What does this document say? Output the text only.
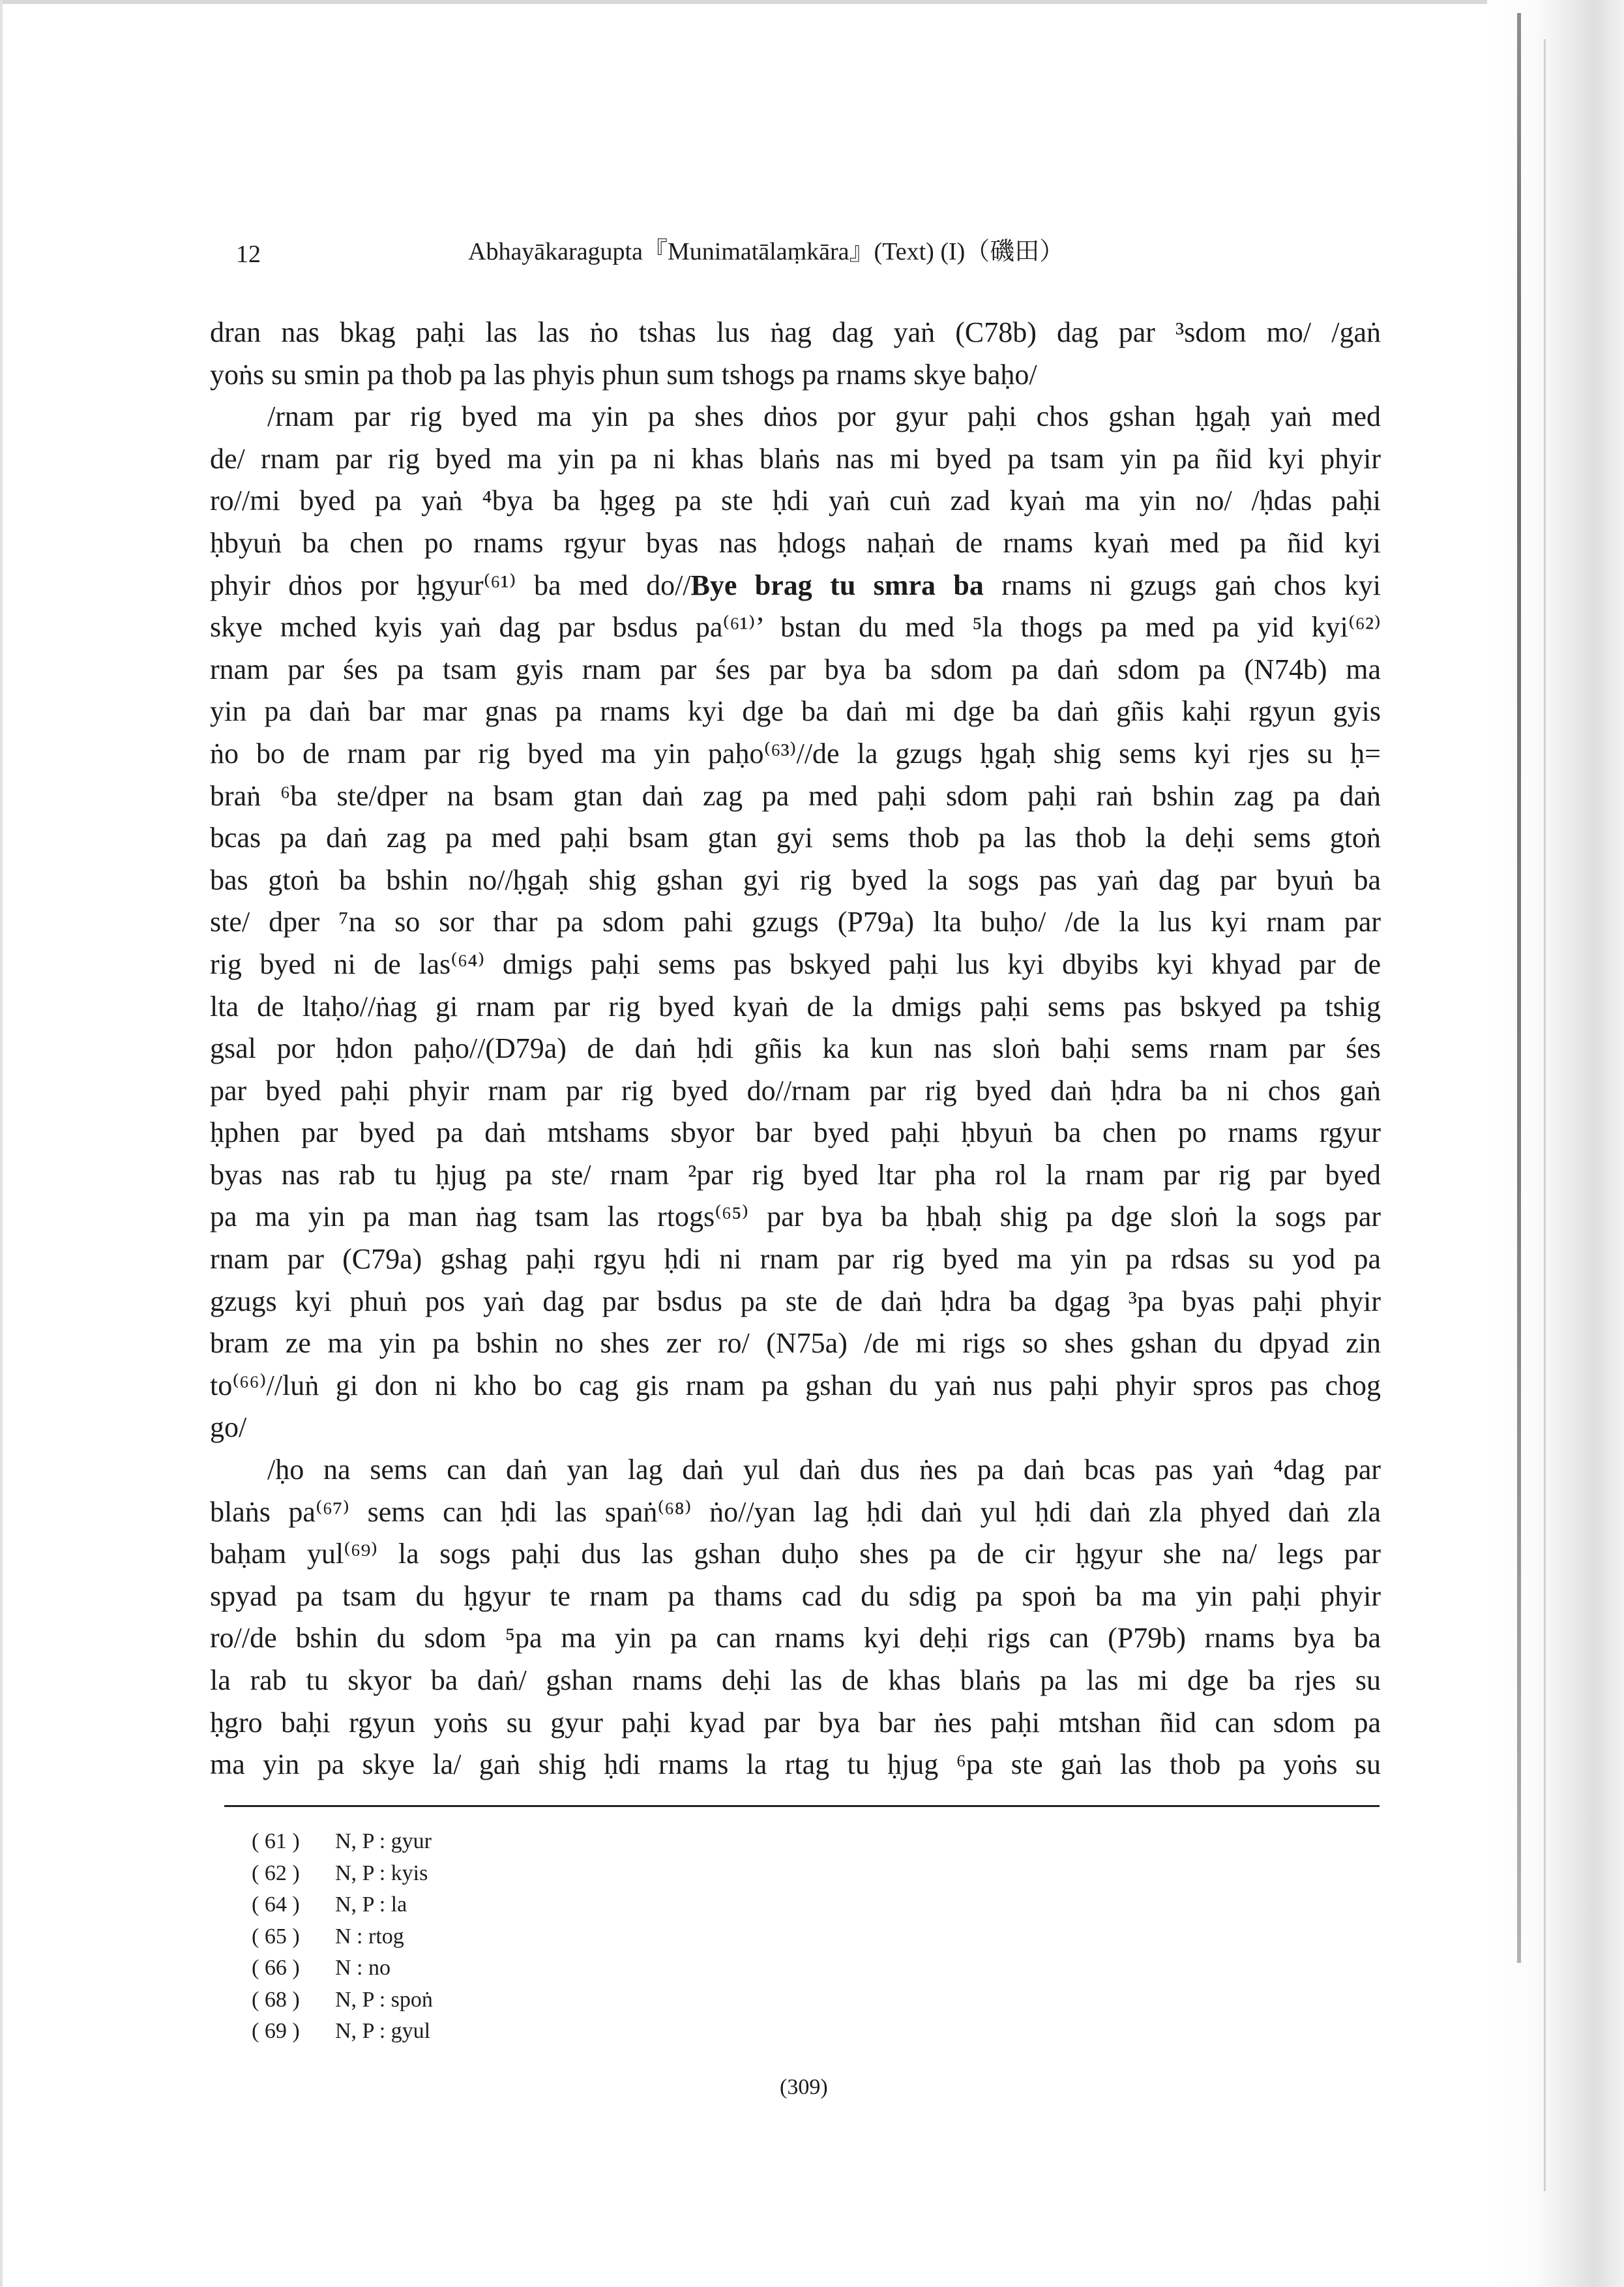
12	Abhayākaragupta『Munimatālaṃkāra』(Text) (I)（磯田）

dran nas bkag paḥi las las ṅo tshas lus ṅag dag yaṅ (C78b) dag par ³sdom mo/ /gaṅ
yoṅs su smin pa thob pa las phyis phun sum tshogs pa rnams skye baḥo/

/rnam par rig byed ma yin pa shes dṅos por gyur paḥi chos gshan ḥgaḥ yaṅ med
de/ rnam par rig byed ma yin pa ni khas blaṅs nas mi byed pa tsam yin pa ñid kyi phyir
ro//mi byed pa yaṅ ⁴bya ba ḥgeg pa ste ḥdi yaṅ cuṅ zad kyaṅ ma yin no/ /ḥdas paḥi
ḥbyuṅ ba chen po rnams rgyur byas nas ḥdogs naḥaṅ de rnams kyaṅ med pa ñid kyi
phyir dṅos por ḥgyur⁽⁶¹⁾ ba med do//Bye brag tu smra ba rnams ni gzugs gaṅ chos kyi
skye mched kyis yaṅ dag par bsdus pa⁽⁶¹⁾’ bstan du med ⁵la thogs pa med pa yid kyi⁽⁶²⁾
rnam par śes pa tsam gyis rnam par śes par bya ba sdom pa daṅ sdom pa (N74b) ma
yin pa daṅ bar mar gnas pa rnams kyi dge ba daṅ mi dge ba daṅ gñis kaḥi rgyun gyis
ṅo bo de rnam par rig byed ma yin paḥo⁽⁶³⁾//de la gzugs ḥgaḥ shig sems kyi rjes su ḥ=
braṅ ⁶ba ste/dper na bsam gtan daṅ zag pa med paḥi sdom paḥi raṅ bshin zag pa daṅ
bcas pa daṅ zag pa med paḥi bsam gtan gyi sems thob pa las thob la deḥi sems gtoṅ
bas gtoṅ ba bshin no//ḥgaḥ shig gshan gyi rig byed la sogs pas yaṅ dag par byuṅ ba
ste/ dper ⁷na so sor thar pa sdom pahi gzugs (P79a) lta buḥo/ /de la lus kyi rnam par
rig byed ni de las⁽⁶⁴⁾ dmigs paḥi sems pas bskyed paḥi lus kyi dbyibs kyi khyad par de
lta de ltaḥo//ṅag gi rnam par rig byed kyaṅ de la dmigs paḥi sems pas bskyed pa tshig
gsal por ḥdon paḥo//(D79a) de daṅ ḥdi gñis ka kun nas sloṅ baḥi sems rnam par śes
par byed paḥi phyir rnam par rig byed do//rnam par rig byed daṅ ḥdra ba ni chos gaṅ
ḥphen par byed pa daṅ mtshams sbyor bar byed paḥi ḥbyuṅ ba chen po rnams rgyur
byas nas rab tu ḥjug pa ste/ rnam ²par rig byed ltar pha rol la rnam par rig par byed
pa ma yin pa man ṅag tsam las rtogs⁽⁶⁵⁾ par bya ba ḥbaḥ shig pa dge sloṅ la sogs par
rnam par (C79a) gshag paḥi rgyu ḥdi ni rnam par rig byed ma yin pa rdsas su yod pa
gzugs kyi phuṅ pos yaṅ dag par bsdus pa ste de daṅ ḥdra ba dgag ³pa byas paḥi phyir
bram ze ma yin pa bshin no shes zer ro/ (N75a) /de mi rigs so shes gshan du dpyad zin
to⁽⁶⁶⁾//luṅ gi don ni kho bo cag gis rnam pa gshan du yaṅ nus paḥi phyir spros pas chog
go/

/ḥo na sems can daṅ yan lag daṅ yul daṅ dus ṅes pa daṅ bcas pas yaṅ ⁴dag par
blaṅs pa⁽⁶⁷⁾ sems can ḥdi las spaṅ⁽⁶⁸⁾ ṅo//yan lag ḥdi daṅ yul ḥdi daṅ zla phyed daṅ zla
baḥam yul⁽⁶⁹⁾ la sogs paḥi dus las gshan duḥo shes pa de cir ḥgyur she na/ legs par
spyad pa tsam du ḥgyur te rnam pa thams cad du sdig pa spoṅ ba ma yin paḥi phyir
ro//de bshin du sdom ⁵pa ma yin pa can rnams kyi deḥi rigs can (P79b) rnams bya ba
la rab tu skyor ba daṅ/ gshan rnams deḥi las de khas blaṅs pa las mi dge ba rjes su
ḥgro baḥi rgyun yoṅs su gyur paḥi kyad par bya bar ṅes paḥi mtshan ñid can sdom pa
ma yin pa skye la/ gaṅ shig ḥdi rnams la rtag tu ḥjug ⁶pa ste gaṅ las thob pa yoṅs su

( 61 )	N, P : gyur
( 62 )	N, P : kyis
( 64 )	N, P : la
( 65 )	N : rtog
( 66 )	N : no
( 68 )	N, P : spoṅ
( 69 )	N, P : gyul
(309)
